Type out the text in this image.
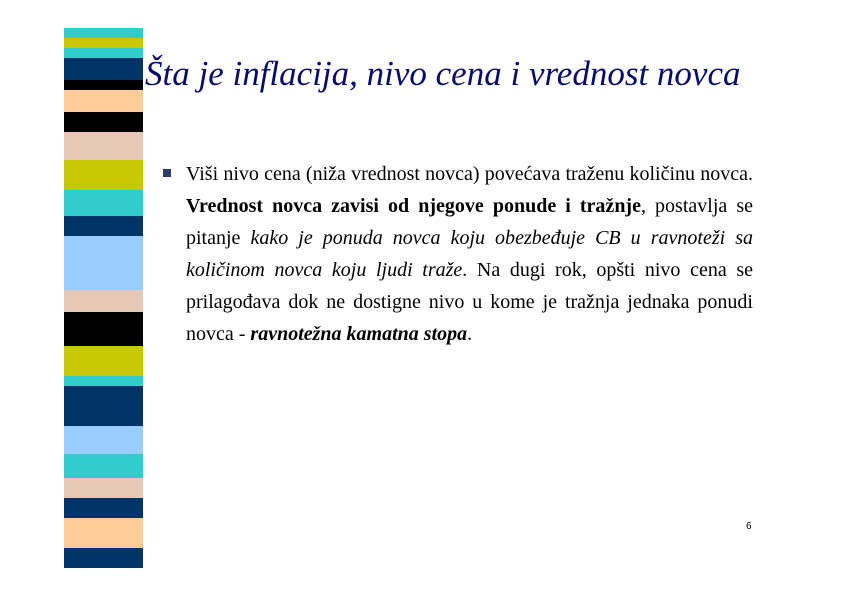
Šta je inflacija, nivo cena i vrednost novca
Viši nivo cena (niža vrednost novca) povećava traženu količinu novca. Vrednost novca zavisi od njegove ponude i tražnje, postavlja se pitanje kako je ponuda novca koju obezbeđuje CB u ravnoteži sa količinom novca koju ljudi traže. Na dugi rok, opšti nivo cena se prilagođava dok ne dostigne nivo u kome je tražnja jednaka ponudi novca - ravnotežna kamatna stopa.
6
